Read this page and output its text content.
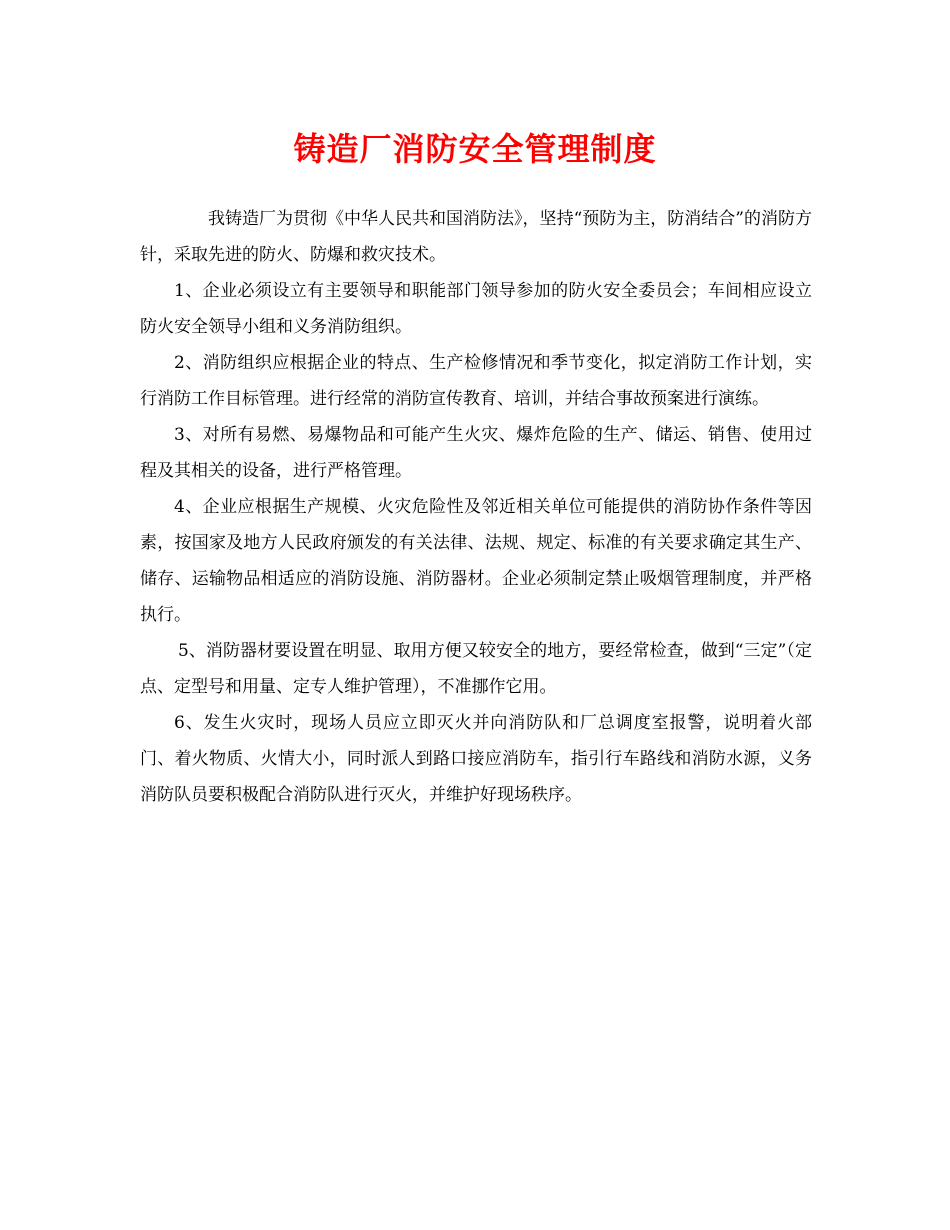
铸造厂消防安全管理制度

我铸造厂为贯彻《中华人民共和国消防法》，坚持“预防为主，防消结合”的消防方针，采取先进的防火、防爆和救灾技术。

1、企业必须设立有主要领导和职能部门领导参加的防火安全委员会；车间相应设立防火安全领导小组和义务消防组织。

2、消防组织应根据企业的特点、生产检修情况和季节变化，拟定消防工作计划，实行消防工作目标管理。进行经常的消防宣传教育、培训，并结合事故预案进行演练。

3、对所有易燃、易爆物品和可能产生火灾、爆炸危险的生产、储运、销售、使用过程及其相关的设备，进行严格管理。

4、企业应根据生产规模、火灾危险性及邻近相关单位可能提供的消防协作条件等因素，按国家及地方人民政府颁发的有关法律、法规、规定、标准的有关要求确定其生产、储存、运输物品相适应的消防设施、消防器材。企业必须制定禁止吸烟管理制度，并严格执行。

5、消防器材要设置在明显、取用方便又较安全的地方，要经常检查，做到“三定”（定点、定型号和用量、定专人维护管理），不准挪作它用。

6、发生火灾时，现场人员应立即灭火并向消防队和厂总调度室报警，说明着火部门、着火物质、火情大小，同时派人到路口接应消防车，指引行车路线和消防水源，义务消防队员要积极配合消防队进行灭火，并维护好现场秩序。
